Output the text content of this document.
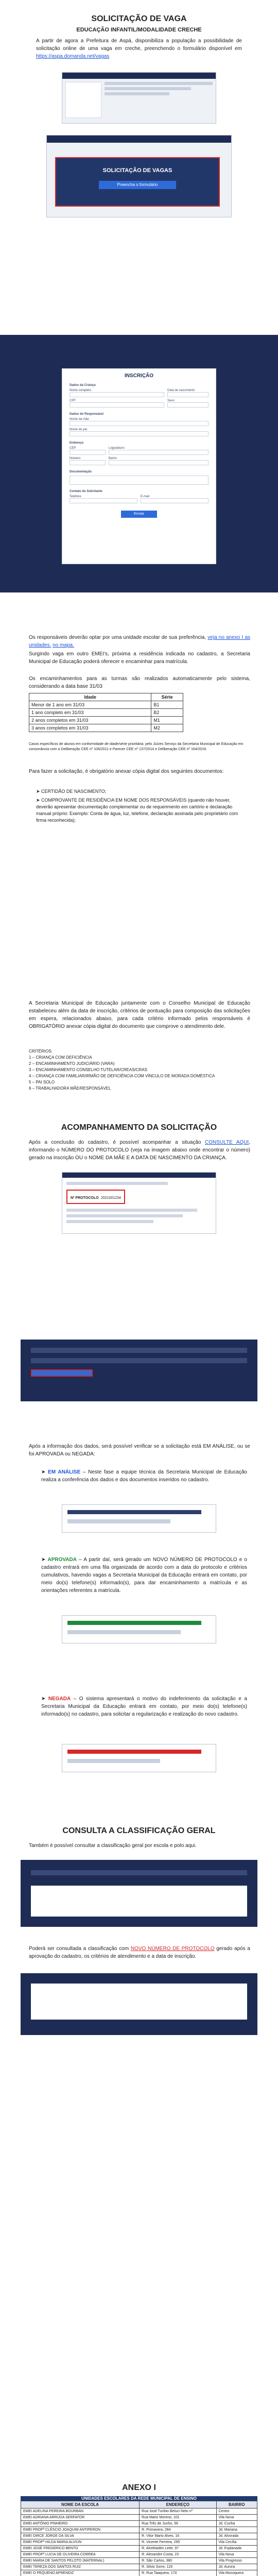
SOLICITAÇÃO DE VAGA
EDUCAÇÃO INFANTIL/MODALIDADE CRECHE
A partir de agora a Prefeitura de Aspá, disponibiliza a população a possibilidade de solicitação online de uma vaga em creche, preenchendo o formulário disponível em https://aspa.domanda.net/vagas
SOLICITAÇÃO DE VAGAS
Preencha o formulário
INSCRIÇÃO
Dados da Criança
Nome completo	Data de nascimento
CPF	Sexo
Dados do Responsável
Nome da mãe
Nome do pai
Endereço
CEP	Logradouro
Número	Bairro
Documentação
Contato do Solicitante
Telefone	E-mail
Enviar
Os responsáveis deverão optar por uma unidade escolar de sua preferência, veja no anexo I as unidades. no mapa.
Surgindo vaga em outro EMEI's, próxima a residência indicada no cadastro, a Secretaria Municipal de Educação poderá oferecer e encaminhar para matrícula.
Os encaminhamentos para as turmas são realizados automaticamente pelo sistema, considerando a data base 31/03
Idade	Série
Menor de 1 ano em 31/03	B1
1 ano completo em 31/03	B2
2 anos completos em 31/03	M1
3 anos completos em 31/03	M2
Casos específicos de alunos em conformidade de idade/série prioritária: pelo Juízes Serviço da Secretaria Municipal de Educação em consonância com a Deliberação CEE nº 106/2011 e Parecer CEE nº 137/2014 e Deliberação CEE nº 164/2016.
Para fazer a solicitação, é obrigatório anexar cópia digital dos seguintes documentos:
➤ CERTIDÃO DE NASCIMENTO;
➤ COMPROVANTE DE RESIDÊNCIA EM NOME DOS RESPONSÁVEIS (quando não houver, deverão apresentar documentação complementar ou de requerimento em cartório e declaração manual próprio: Exemplo: Conta de água, luz, telefone, declaração assinada pelo proprietário com firma reconhecida);
A Secretaria Municipal de Educação juntamente com o Conselho Municipal de Educação estabeleceu além da data de inscrição, critérios de pontuação para composição das solicitações em espera, relacionados abaixo, para cada critério informado pelos responsáveis é OBRIGATÓRIO anexar cópia digital do documento que comprove o atendimento dele.
CRITÉRIOS:
1 – CRIANÇA COM DEFICIÊNCIA
2 – ENCAMINHAMENTO JUDICIÁRIO (VARA)
3 – ENCAMINHAMENTO CONSELHO TUTELAR/CREAS/CRAS
4 – CRIANÇA COM FAMILIAR/IRMÃO DE DEFICIÊNCIA COM VÍNCULO DE MORADA DOMÉSTICA
5 – PAI SOLO
6 – TRABALHADORA MÃE/RESPONSÁVEL
ACOMPANHAMENTO DA SOLICITAÇÃO
Após a conclusão do cadastro, é possível acompanhar a situação CONSULTE AQUI, informando o NÚMERO DO PROTOCOLO (veja na imagem abaixo onde encontrar o número) gerado na inscrição OU o NOME DA MÃE E A DATA DE NASCIMENTO DA CRIANÇA.
Nº PROTOCOLO 2021001234
Após a informação dos dados, será possível verificar se a solicitação está EM ANÁLISE, ou se foi APROVADA ou NEGADA:
➤ EM ANÁLISE – Neste fase a equipe técnica da Secretaria Municipal de Educação realiza a conferência dos dados e dos documentos inseridos no cadastro.
➤ APROVADA – A partir daí, será gerado um NOVO NÚMERO DE PROTOCOLO e o cadastro entrará em uma fila organizada de acordo com a data do protocolo e critérios cumulativos, havendo vagas a Secretaria Municipal da Educação entrará em contato, por meio do(s) telefone(s) informado(s), para dar encaminhamento a matrícula e as orientações referentes a matrícula.
➤ NEGADA – O sistema apresentará o motivo do indeferimento da solicitação e a Secretaria Municipal da Educação entrará em contato, por meio do(s) telefone(s) informado(s) no cadastro, para solicitar a regularização e realização do novo cadastro.
CONSULTA A CLASSIFICAÇÃO GERAL
Também é possível consultar a classificação geral por escola e polo aqui.
Poderá ser consultada a classificação com NOVO NÚMERO DE PROTOCOLO gerado após a aprovação do cadastro, os critérios de atendimento e a data de inscrição.
ANEXO I
UNIDADES ESCOLARES DA REDE MUNICIPAL DE ENSINO
NOME DA ESCOLA	ENDEREÇO	BAIRRO
EMEI ADELINA PEREIRA BOURBAN	Rua José Turíbio Beluci Neto nº	Centro
EMEI ADRIANA ARRUDA SERFATOR	Rua Mario Moreno, 101	Vila Nova
EMEI ANTÔNIO PINHEIRO	Rua Três de Junho, 56	Jd. Cunha
EMEI PROFª CLÉSCIO JOAQUIM ANTIPERON	R. Primavera, 284	Jd. Mariana
EMEI DIRCE JORGE DA SILVA	R. Vitor Mario Alves, 16	Jd. Alvorada
EMEI PROFª HILDA MARIA ALVIUN	R. Vicente Ferreira, 295	Vila Cecília
EMEI JOSÉ FREDERICO BENTO	R. Alcebíades Leite, 97	Jd. Esplanada
EMEI PROFª LUCIA DE OLIVEIRA CORREA	R. Alexandre Costa, 23	Vila Nova
EMEI MARIA DE SANTOS PELOTO (MATERNAL)	R. São Carlos, 380	Vila Progresso
EMEI TEREZA DOS SANTOS RUIZ	R. Silvio Sorre, 119	Jd. Aurora
EMEI O PEQUENO APRENDIZ	R. Rua Taaquera, 170	Vila Mocoquera
